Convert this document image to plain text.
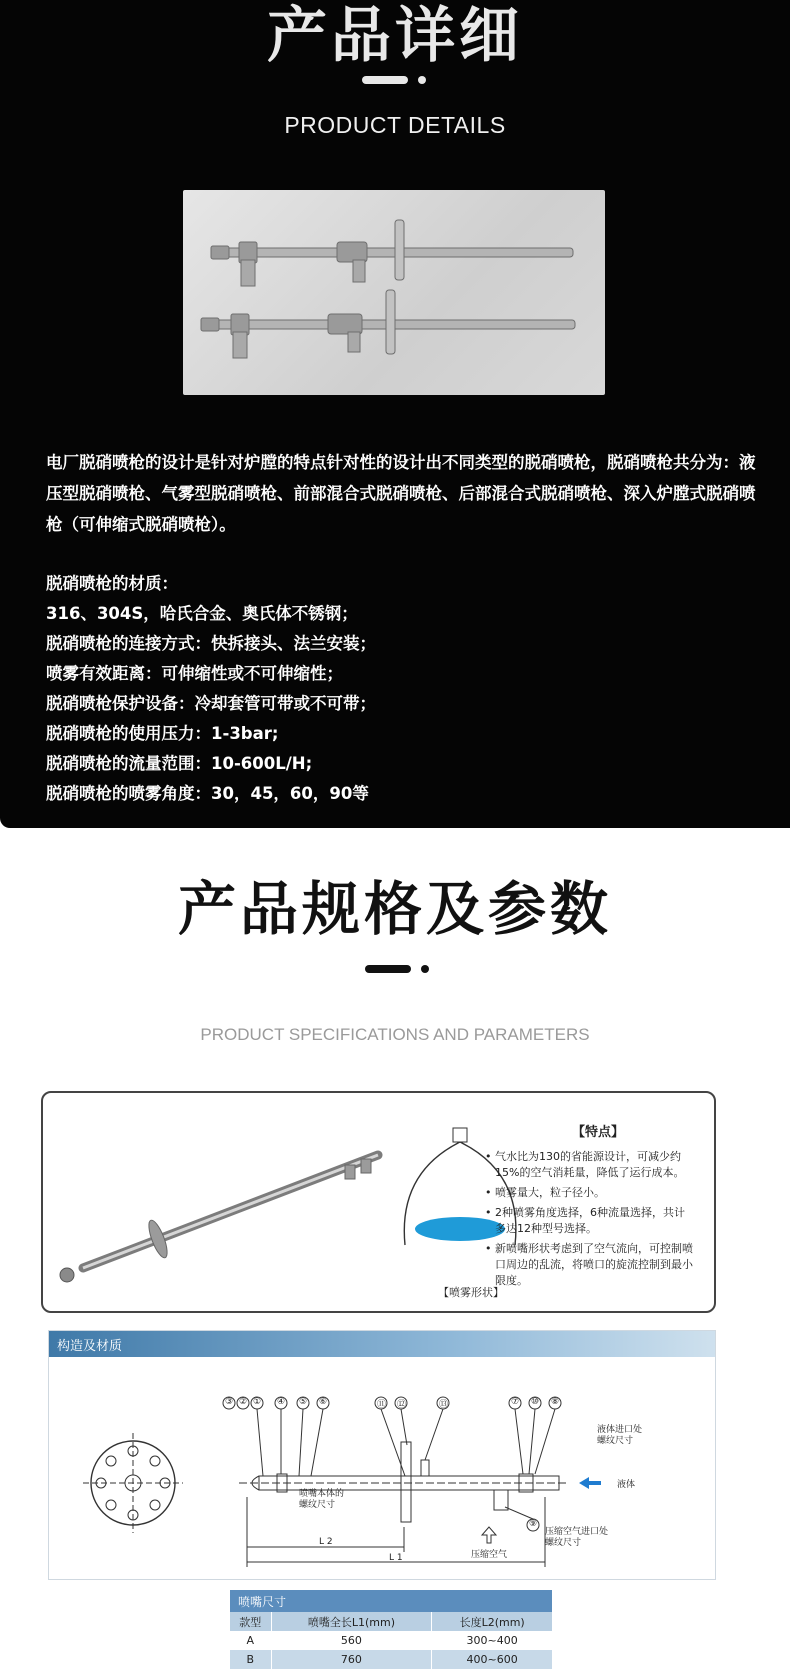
产品详细
PRODUCT DETAILS
电厂脱硝喷枪的设计是针对炉膛的特点针对性的设计出不同类型的脱硝喷枪，脱硝喷枪共分为：液压型脱硝喷枪、气雾型脱硝喷枪、前部混合式脱硝喷枪、后部混合式脱硝喷枪、深入炉膛式脱硝喷枪（可伸缩式脱硝喷枪）。
脱硝喷枪的材质：
316、304S，哈氏合金、奥氏体不锈钢；
脱硝喷枪的连接方式：快拆接头、法兰安装；
喷雾有效距离：可伸缩性或不可伸缩性；
脱硝喷枪保护设备：冷却套管可带或不可带；
脱硝喷枪的使用压力：1-3bar;
脱硝喷枪的流量范围：10-600L/H;
脱硝喷枪的喷雾角度：30，45，60，90等
产品规格及参数
PRODUCT SPECIFICATIONS AND PARAMETERS
【喷雾形状】
【特点】
• 气水比为130的省能源设计，可减少约15%的空气消耗量，降低了运行成本。
• 喷雾量大，粒子径小。
• 2种喷雾角度选择，6种流量选择，共计多达12种型号选择。
• 新喷嘴形状考虑到了空气流向，可控制喷口周边的乱流，将喷口的旋流控制到最小限度。
构造及材质
③ ② ① ④ ⑤ ⑥	⑪ ⑫	⑬	⑦ ⑩ ⑧
⑨
喷嘴本体的
螺纹尺寸
液体进口处
螺纹尺寸
液体
压缩空气
压缩空气进口处
螺纹尺寸
L 2
L 1
喷嘴尺寸		
款型	喷嘴全长L1(mm)	长度L2(mm)
A	560	300~400
B	760	400~600
